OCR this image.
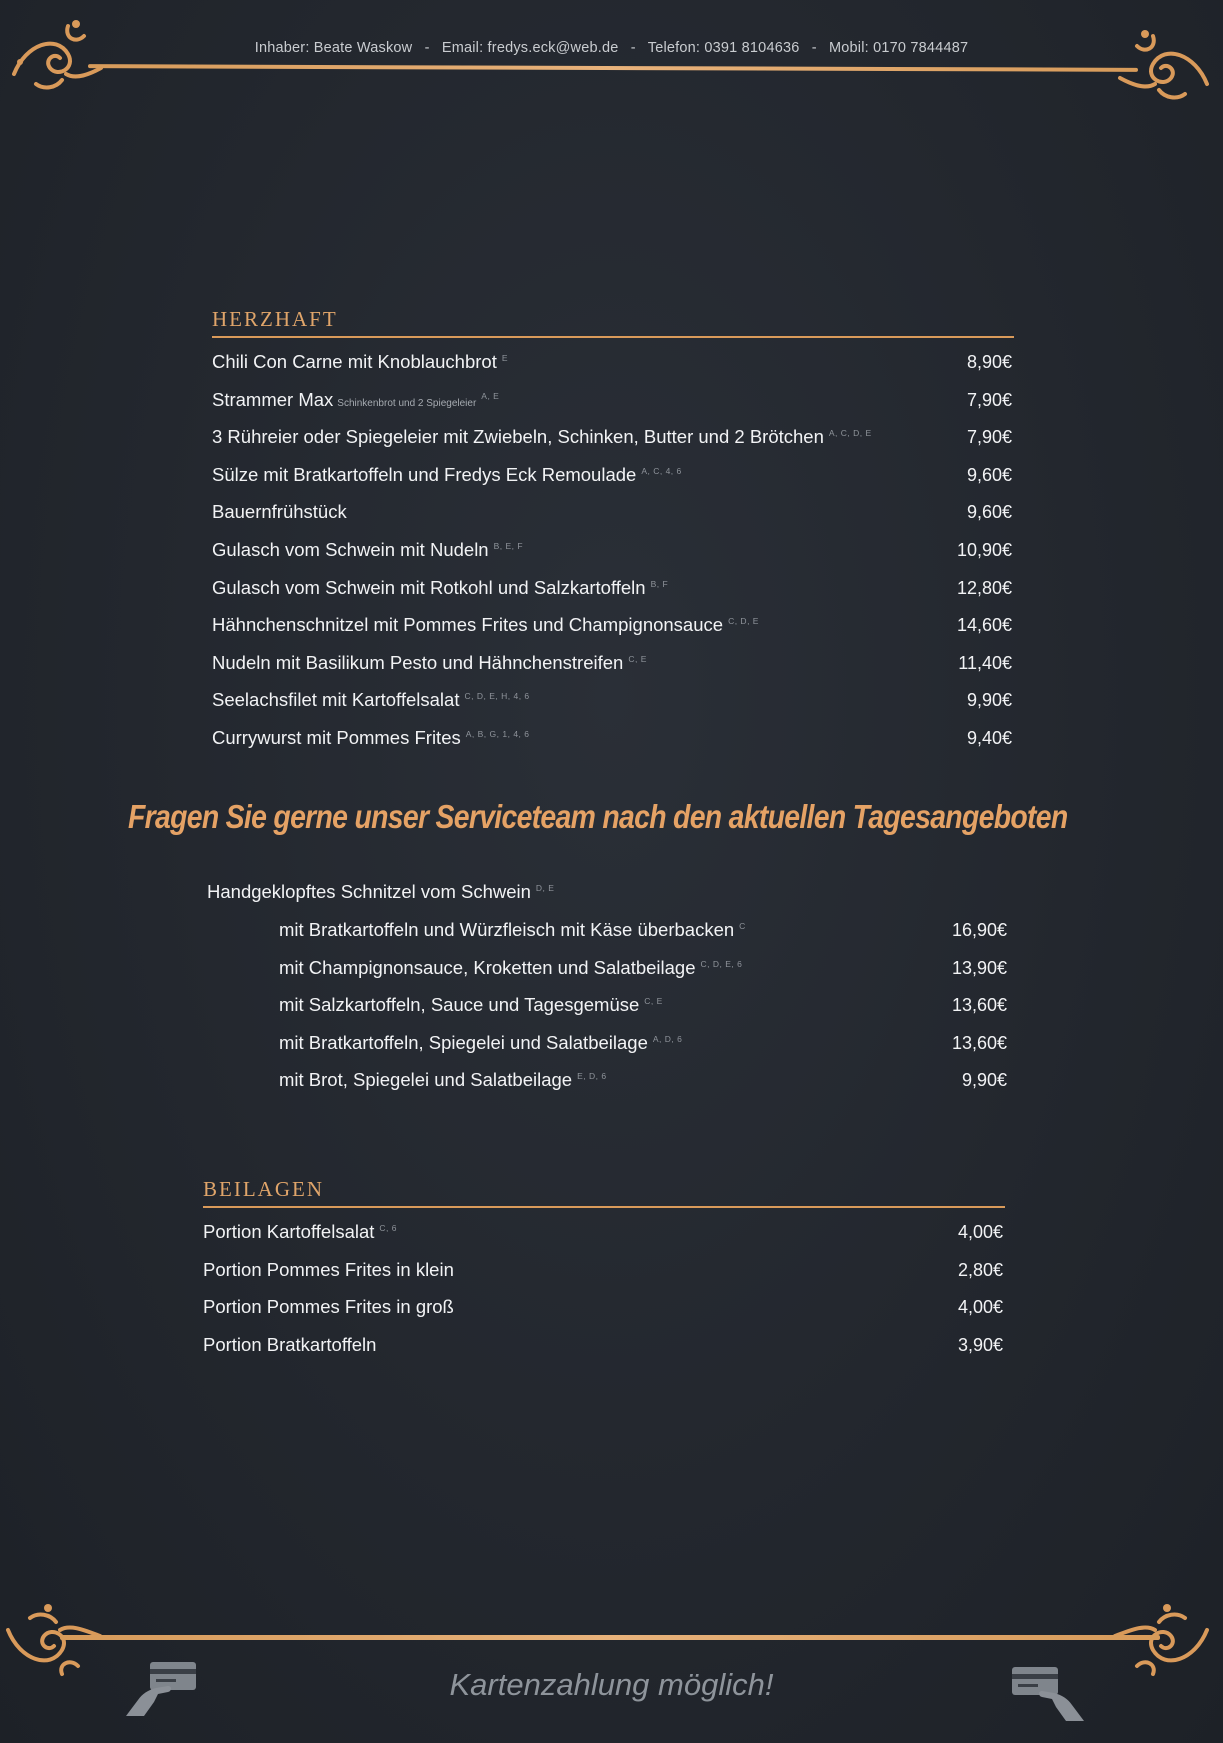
Inhaber: Beate Waskow - Email: fredys.eck@web.de - Telefon: 0391 8104636 - Mobil: 0170 7844487
HERZHAFT
Chili Con Carne mit Knoblauchbrot $^E$	8,90€
Strammer Max Schinkenbrot und 2 Spiegeleier$^{A, E}$	7,90€
3 Rühreier oder Spiegeleier mit Zwiebeln, Schinken, Butter und 2 Brötchen $^{A, C, D, E}$	7,90€
Sülze mit Bratkartoffeln und Fredys Eck Remoulade $^{A, C, 4, 6}$	9,60€
Bauernfrühstück	9,60€
Gulasch vom Schwein mit Nudeln $^{B, E, F}$	10,90€
Gulasch vom Schwein mit Rotkohl und Salzkartoffeln $^{B, F}$	12,80€
Hähnchenschnitzel mit Pommes Frites und Champignonsauce $^{C, D, E}$	14,60€
Nudeln mit Basilikum Pesto und Hähnchenstreifen $^{C, E}$	11,40€
Seelachsfilet mit Kartoffelsalat $^{C, D, E, H, 4, 6}$	9,90€
Currywurst mit Pommes Frites $^{A, B, G, 1, 4, 6}$	9,40€
Fragen Sie gerne unser Serviceteam nach den aktuellen Tagesangeboten
Handgeklopftes Schnitzel vom Schwein $^{D, E}$
mit Bratkartoffeln und Würzfleisch mit Käse überbacken $^C$	16,90€
mit Champignonsauce, Kroketten und Salatbeilage $^{C, D, E, 6}$	13,90€
mit Salzkartoffeln, Sauce und Tagesgemüse $^{C, E}$	13,60€
mit Bratkartoffeln, Spiegelei und Salatbeilage $^{A, D, 6}$	13,60€
mit Brot, Spiegelei und Salatbeilage $^{E, D, 6}$	9,90€
BEILAGEN
Portion Kartoffelsalat $^{C, 6}$	4,00€
Portion Pommes Frites in klein	2,80€
Portion Pommes Frites in groß	4,00€
Portion Bratkartoffeln	3,90€
Kartenzahlung möglich!
